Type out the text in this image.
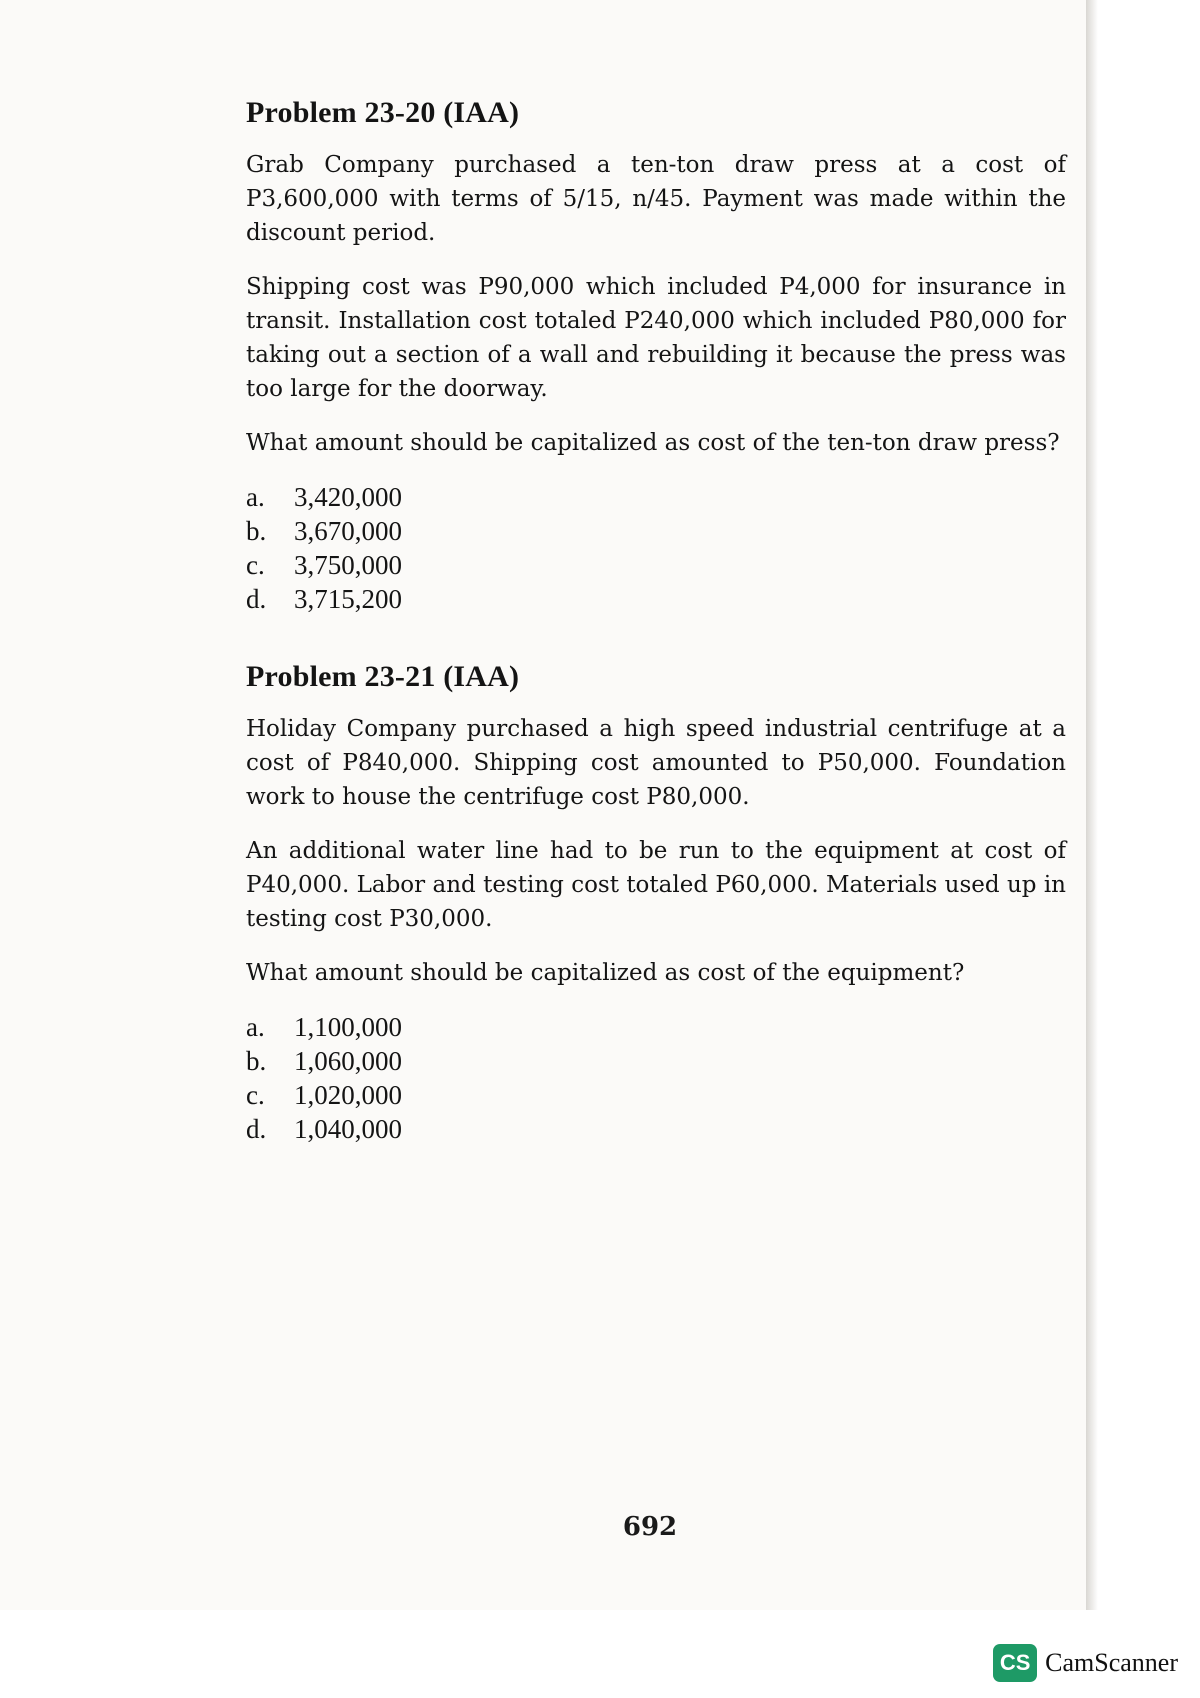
Problem 23-20 (IAA)

Grab Company purchased a ten-ton draw press at a cost of P3,600,000 with terms of 5/15, n/45. Payment was made within the discount period.

Shipping cost was P90,000 which included P4,000 for insurance in transit. Installation cost totaled P240,000 which included P80,000 for taking out a section of a wall and rebuilding it because the press was too large for the doorway.

What amount should be capitalized as cost of the ten-ton draw press?

a.	3,420,000
b.	3,670,000
c.	3,750,000
d.	3,715,200
Problem 23-21 (IAA)

Holiday Company purchased a high speed industrial centrifuge at a cost of P840,000. Shipping cost amounted to P50,000. Foundation work to house the centrifuge cost P80,000.

An additional water line had to be run to the equipment at cost of P40,000. Labor and testing cost totaled P60,000. Materials used up in testing cost P30,000.

What amount should be capitalized as cost of the equipment?

a.	1,100,000
b.	1,060,000
c.	1,020,000
d.	1,040,000
692
CS CamScanner
